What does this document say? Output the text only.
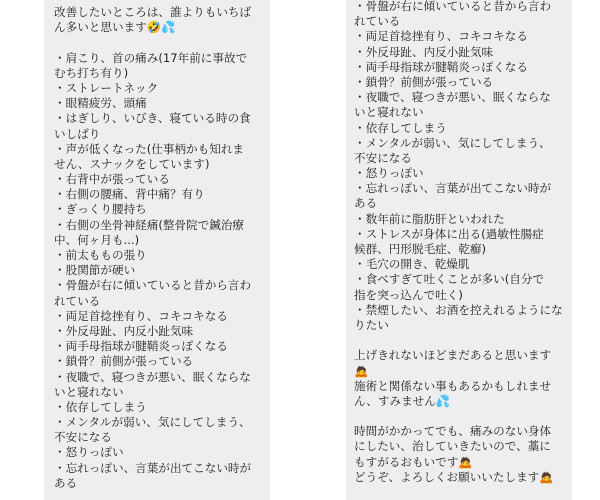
改善したいところは、誰よりもいちば
ん多いと思います🤣💦
・肩こり、首の痛み(17年前に事故で
むち打ち有り)
・ストレートネック
・眼精疲労、頭痛
・はぎしり、いびき、寝ている時の食
いしばり
・声が低くなった(仕事柄かも知れま
せん、スナックをしています)
・右背中が張っている
・右側の腰痛、背中痛？有り
・ぎっくり腰持ち
・右側の坐骨神経痛(整骨院で鍼治療
中、何ヶ月も...)
・前太ももの張り
・股関節が硬い
・骨盤が右に傾いていると昔から言わ
れている
・両足首捻挫有り、コキコキなる
・外反母趾、内反小趾気味
・両手母指球が腱鞘炎っぽくなる
・鎖骨？前側が張っている
・夜職で、寝つきが悪い、眠くならな
いと寝れない
・依存してしまう
・メンタルが弱い、気にしてしまう、
不安になる
・怒りっぽい
・忘れっぽい、言葉が出てこない時が
ある
・骨盤が右に傾いていると昔から言わ
れている
・両足首捻挫有り、コキコキなる
・外反母趾、内反小趾気味
・両手母指球が腱鞘炎っぽくなる
・鎖骨？前側が張っている
・夜職で、寝つきが悪い、眠くならな
いと寝れない
・依存してしまう
・メンタルが弱い、気にしてしまう、
不安になる
・怒りっぽい
・忘れっぽい、言葉が出てこない時が
ある
・数年前に脂肪肝といわれた
・ストレスが身体に出る(過敏性腸症
候群、円形脱毛症、乾癬)
・毛穴の開き、乾燥肌
・食べすぎて吐くことが多い(自分で
指を突っ込んで吐く)
・禁煙したい、お酒を控えれるようにな
りたい
上げきれないほどまだあると思います
🙇
施術と関係ない事もあるかもしれませ
ん、すみません💦
時間がかかってでも、痛みのない身体
にしたい、治していきたいので、藁に
もすがるおもいです🙇
どうぞ、よろしくお願いいたします🙇
